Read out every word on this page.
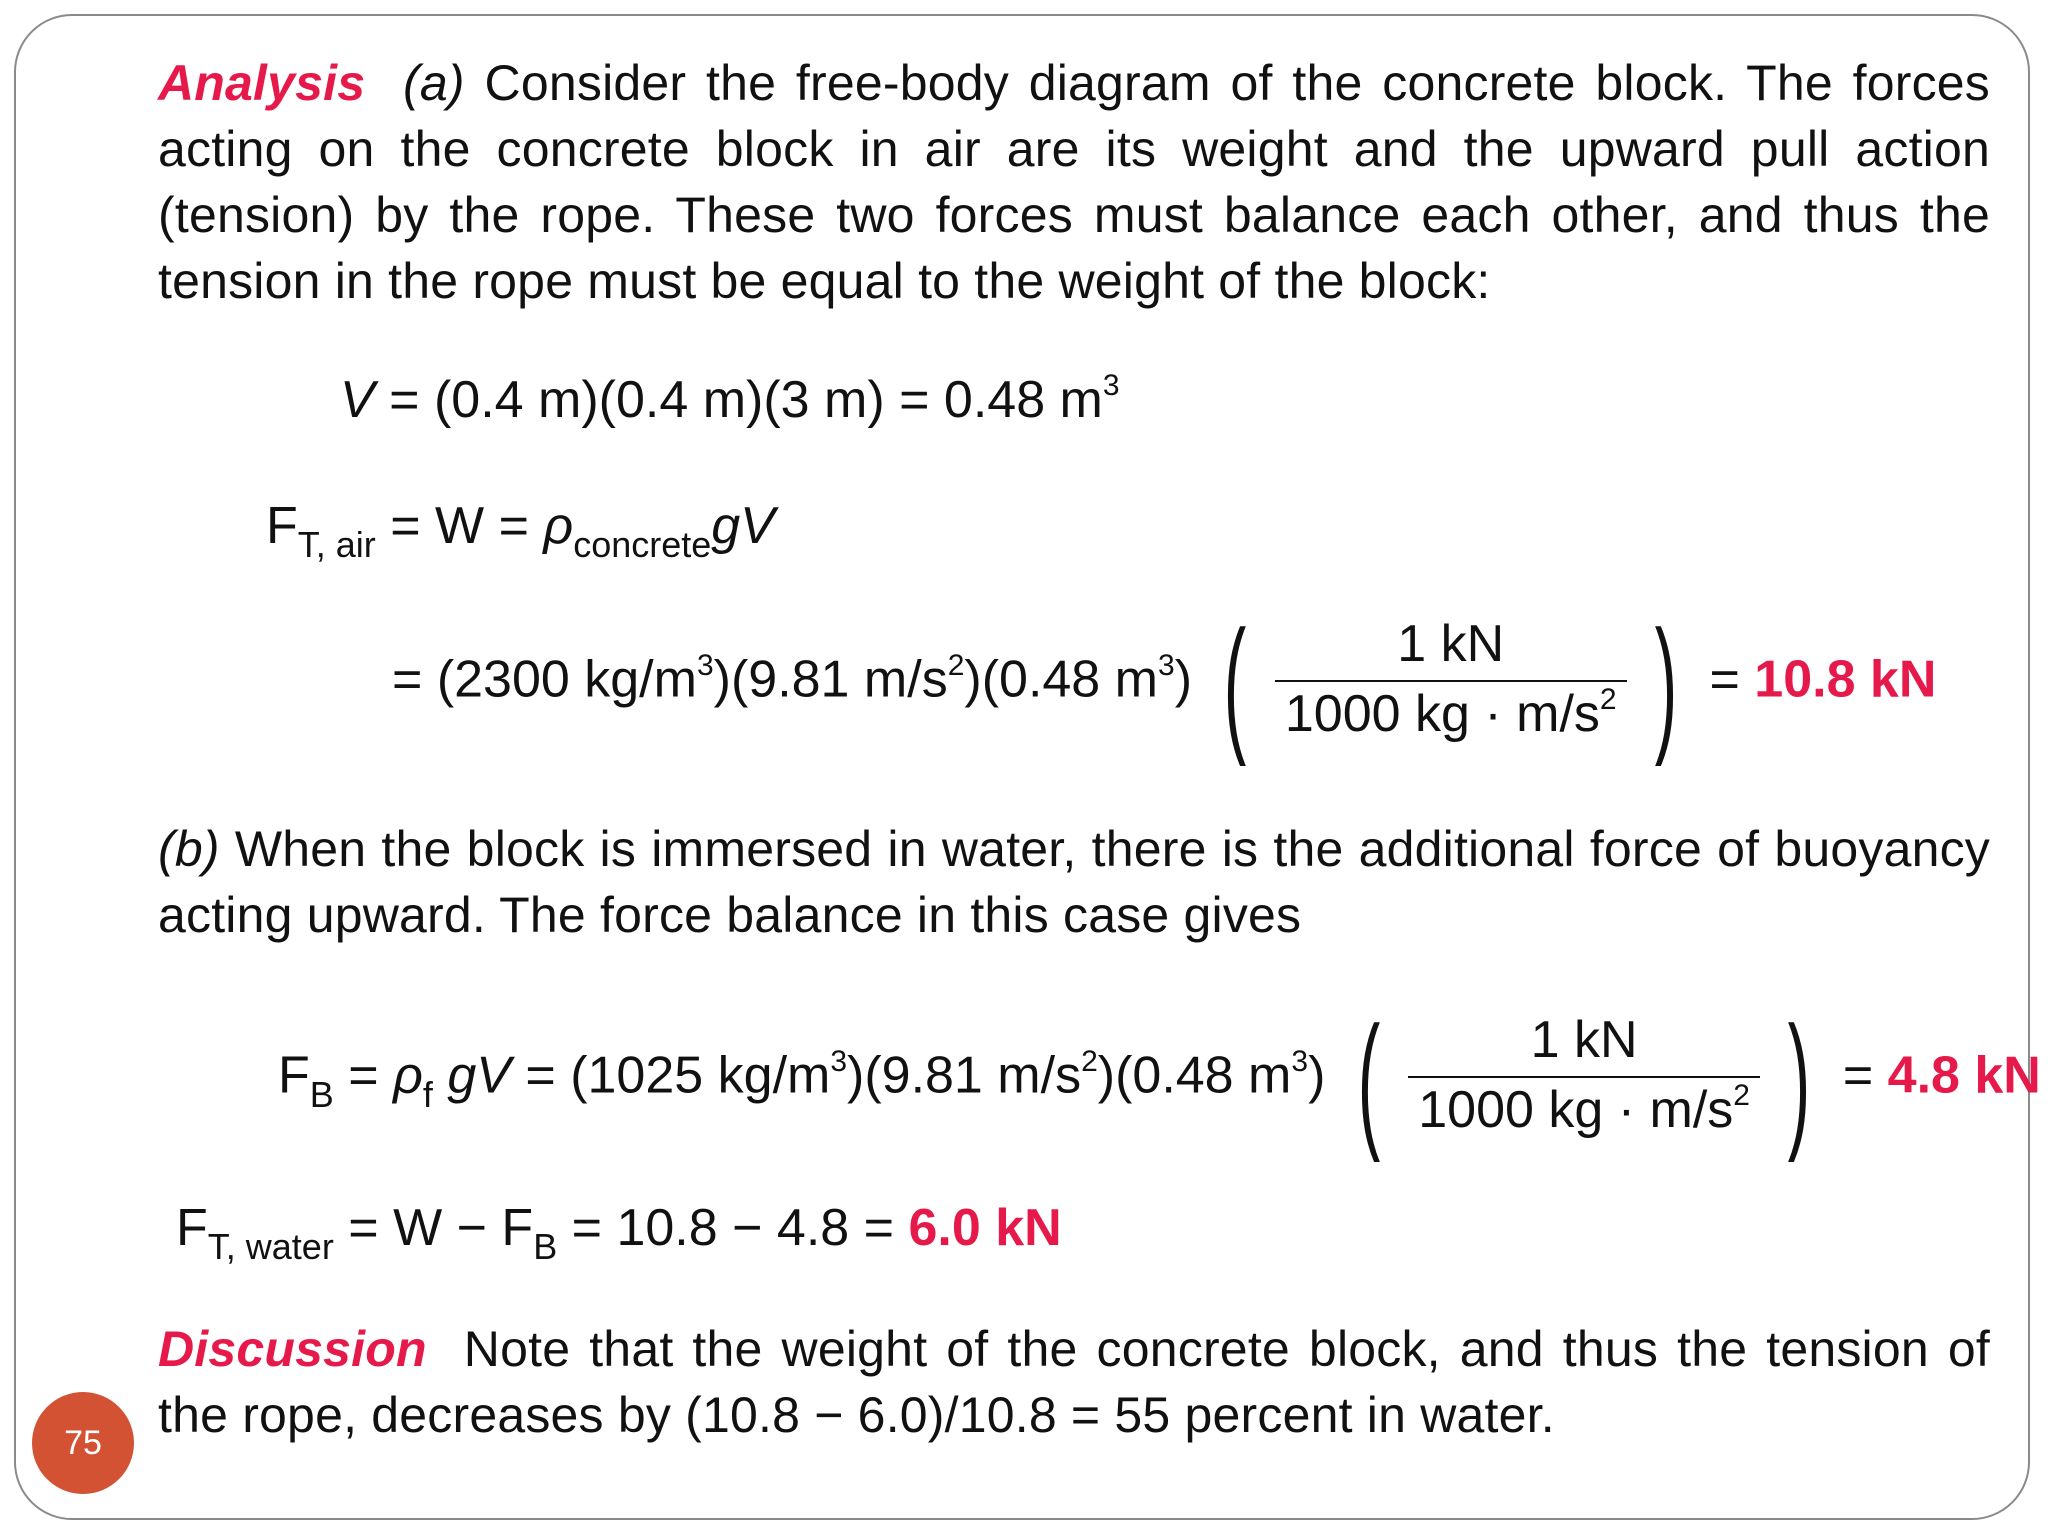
Analysis (a) Consider the free-body diagram of the concrete block. The forces acting on the concrete block in air are its weight and the upward pull action (tension) by the rope. These two forces must balance each other, and thus the tension in the rope must be equal to the weight of the block:
V = (0.4 m)(0.4 m)(3 m) = 0.48 $m^3$
$F_{T, air} = W = \rho_{concrete}gV$
= (2300 $kg/m^3)(9.81$ $m/s^2)(0.48$ $m^3$) ( $\frac{1 kN}{1000 kg \cdot m/s^2}$ ) = 10.8 kN
(b) When the block is immersed in water, there is the additional force of buoyancy acting upward. The force balance in this case gives
$F_B = \rho_f$ gV = (1025 $kg/m^3)(9.81$ $m/s^2)(0.48$ $m^3$) ( $\frac{1 kN}{1000 kg \cdot m/s^2}$ ) = 4.8 kN
$F_{T, water} = W - F_B = 10.8 - 4.8 = 6.0$ kN
Discussion Note that the weight of the concrete block, and thus the tension of the rope, decreases by (10.8 − 6.0)/10.8 = 55 percent in water.
75
